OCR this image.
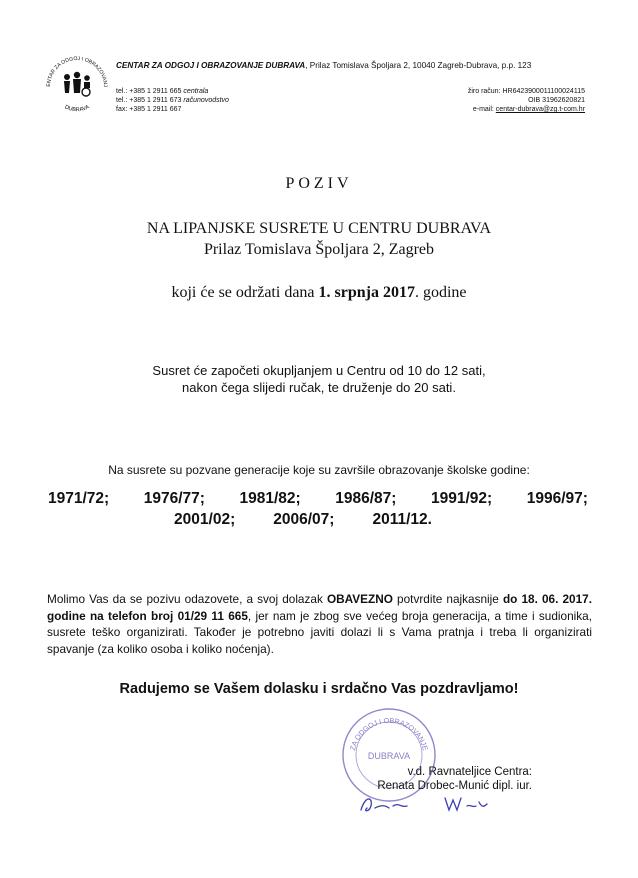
ENTAR ZA ODGOJ I OBRAZOVANJ
DUBRAVA
CENTAR ZA ODGOJ I OBRAZOVANJE DUBRAVA, Prilaz Tomislava Špoljara 2, 10040 Zagreb-Dubrava, p.p. 123
tel.: +385 1 2911 665 centrala
tel.: +385 1 2911 673 računovodstvo
fax: +385 1 2911 667
žiro račun: HR6423900011100024115
OIB 31962620821
e-mail: centar-dubrava@zg.t-com.hr
POZIV
NA LIPANJSKE SUSRETE U CENTRU DUBRAVA
Prilaz Tomislava Špoljara 2, Zagreb
koji će se održati dana 1. srpnja 2017. godine
Susret će započeti okupljanjem u Centru od 10 do 12 sati,
nakon čega slijedi ručak, te druženje do 20 sati.
Na susrete su pozvane generacije koje su završile obrazovanje školske godine:
1971/72; 1976/77; 1981/82; 1986/87; 1991/92; 1996/97;
2001/02; 2006/07; 2011/12.
Molimo Vas da se pozivu odazovete, a svoj dolazak OBAVEZNO potvrdite najkasnije do 18. 06. 2017. godine na telefon broj 01/29 11 665, jer nam je zbog sve većeg broja generacija, a time i sudionika, susrete teško organizirati. Također je potrebno javiti dolazi li s Vama pratnja i treba li organizirati spavanje (za koliko osoba i koliko noćenja).
Radujemo se Vašem dolasku i srdačno Vas pozdravljamo!
ZA ODGOJ I OBRAZOVANJE
DUBRAVA
v.d. Ravnateljice Centra:
Renata Drobec-Munić dipl. iur.
